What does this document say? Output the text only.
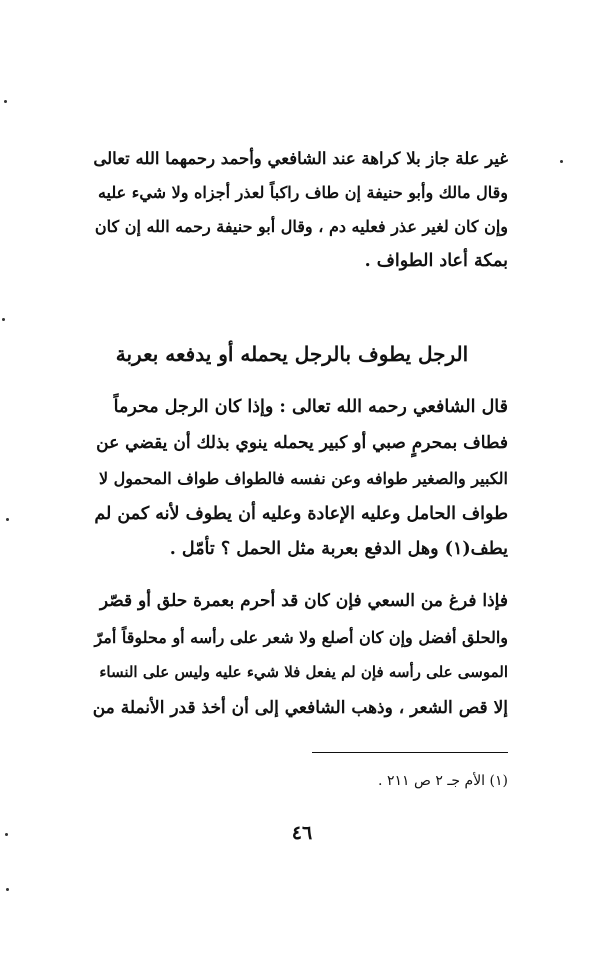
غير علة جاز بلا كراهة عند الشافعي وأحمد رحمهما الله تعالى
وقال مالك وأبو حنيفة إن طاف راكباً لعذر أجزاه ولا شيء عليه
وإن كان لغير عذر فعليه دم ، وقال أبو حنيفة رحمه الله إن كان
بمكة أعاد الطواف .
الرجل يطوف بالرجل يحمله أو يدفعه بعربة
قال الشافعي رحمه الله تعالى : وإذا كان الرجل محرماً
فطاف بمحرمٍ صبي أو كبير يحمله ينوي بذلك أن يقضي عن
الكبير والصغير طوافه وعن نفسه فالطواف طواف المحمول لا
طواف الحامل وعليه الإعادة وعليه أن يطوف لأنه كمن لم
يطف(١) وهل الدفع بعربة مثل الحمل ؟ تأمّل .
فإذا فرغ من السعي فإن كان قد أحرم بعمرة حلق أو قصّر
والحلق أفضل وإن كان أصلع ولا شعر على رأسه أو محلوقاً أمرّ
الموسى على رأسه فإن لم يفعل فلا شيء عليه وليس على النساء
إلا قص الشعر ، وذهب الشافعي إلى أن أخذ قدر الأنملة من
(١) الأم جـ ٢ ص ٢١١ .
٤٦
